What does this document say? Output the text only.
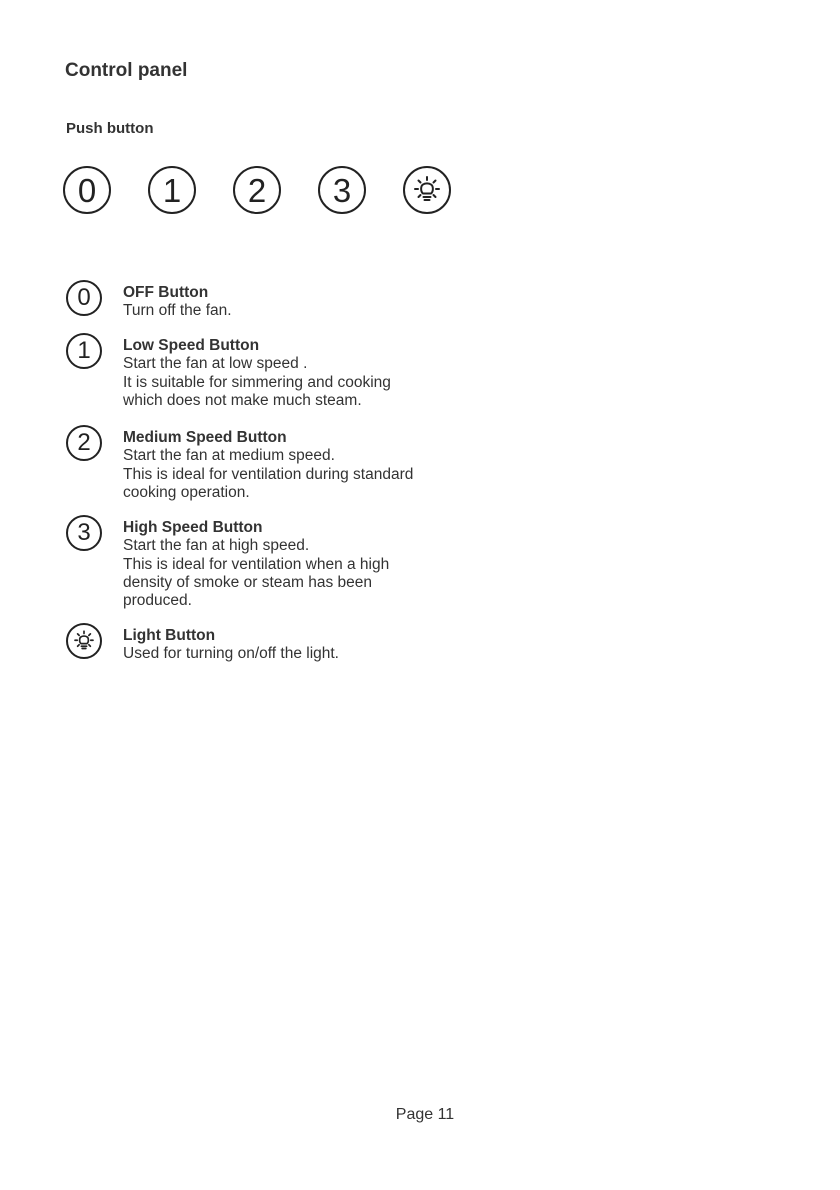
Control panel
Push button
0	1	2	3
0	OFF Button
Turn off the fan.
1	Low Speed Button
Start the fan at low speed .
It is suitable for simmering and cooking
which does not make much steam.
2	Medium Speed Button
Start the fan at medium speed.
This is ideal for ventilation during standard
cooking operation.
3	High Speed Button
Start the fan at high speed.
This is ideal for ventilation when a high
density of smoke or steam has been
produced.
Light Button
Used for turning on/off the light.
Page 11
